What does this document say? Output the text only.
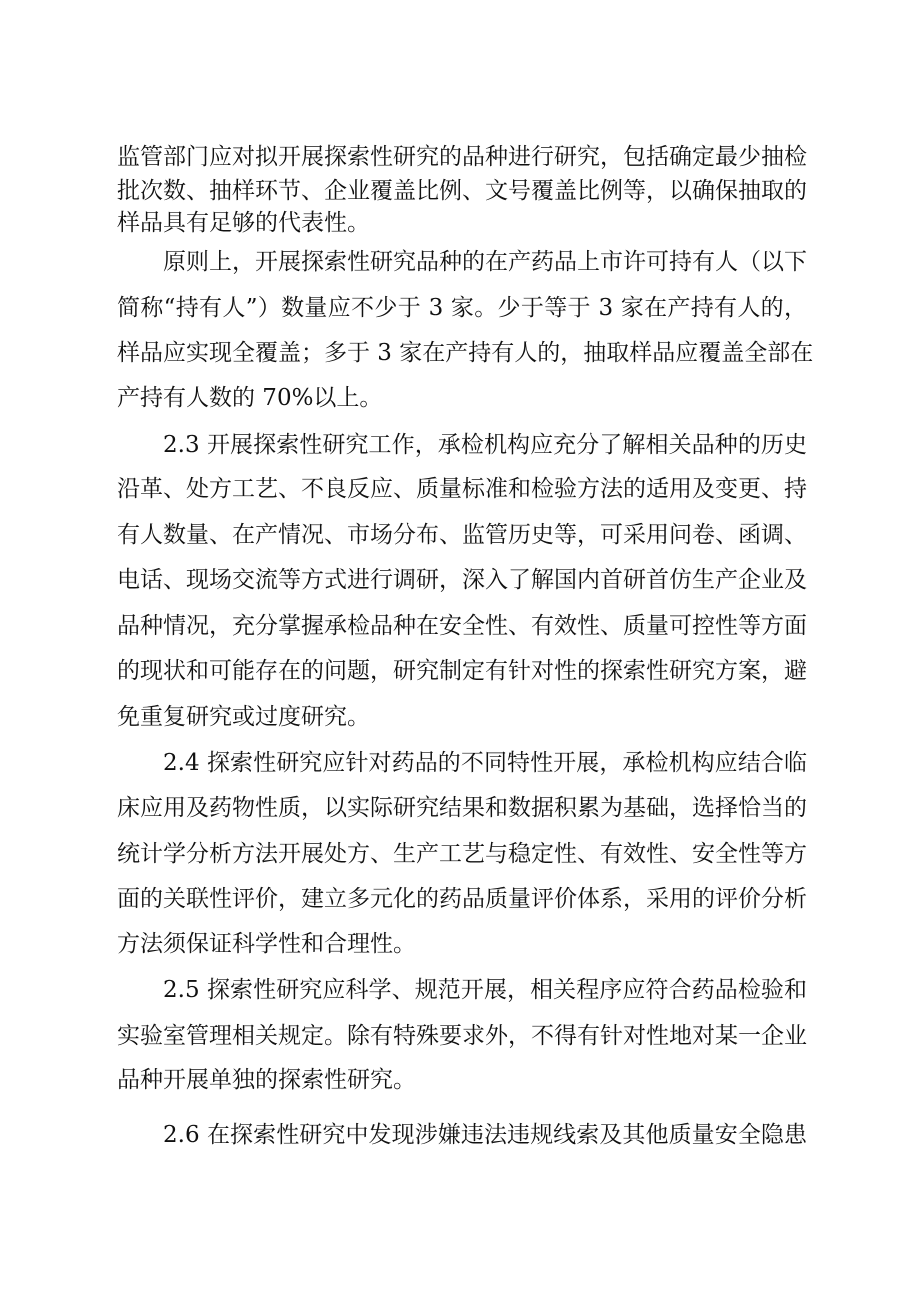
监管部门应对拟开展探索性研究的品种进行研究，包括确定最少抽检

批次数、抽样环节、企业覆盖比例、文号覆盖比例等，以确保抽取的

样品具有足够的代表性。

原则上，开展探索性研究品种的在产药品上市许可持有人（以下

简称“持有人”）数量应不少于 3 家。少于等于 3 家在产持有人的，

样品应实现全覆盖；多于 3 家在产持有人的，抽取样品应覆盖全部在

产持有人数的 70%以上。

2.3 开展探索性研究工作，承检机构应充分了解相关品种的历史

沿革、处方工艺、不良反应、质量标准和检验方法的适用及变更、持

有人数量、在产情况、市场分布、监管历史等，可采用问卷、函调、

电话、现场交流等方式进行调研，深入了解国内首研首仿生产企业及

品种情况，充分掌握承检品种在安全性、有效性、质量可控性等方面

的现状和可能存在的问题，研究制定有针对性的探索性研究方案，避

免重复研究或过度研究。

2.4 探索性研究应针对药品的不同特性开展，承检机构应结合临

床应用及药物性质，以实际研究结果和数据积累为基础，选择恰当的

统计学分析方法开展处方、生产工艺与稳定性、有效性、安全性等方

面的关联性评价，建立多元化的药品质量评价体系，采用的评价分析

方法须保证科学性和合理性。

2.5 探索性研究应科学、规范开展，相关程序应符合药品检验和

实验室管理相关规定。除有特殊要求外，不得有针对性地对某一企业

品种开展单独的探索性研究。

2.6 在探索性研究中发现涉嫌违法违规线索及其他质量安全隐患
